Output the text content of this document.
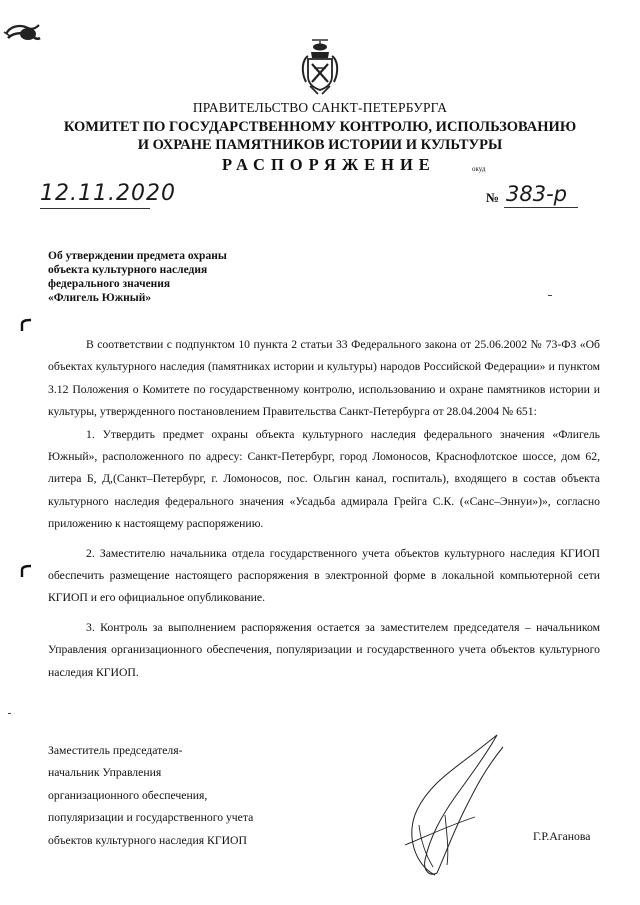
ПРАВИТЕЛЬСТВО САНКТ-ПЕТЕРБУРГА
КОМИТЕТ ПО ГОСУДАРСТВЕННОМУ КОНТРОЛЮ, ИСПОЛЬЗОВАНИЮ
И ОХРАНЕ ПАМЯТНИКОВ ИСТОРИИ И КУЛЬТУРЫ
РАСПОРЯЖЕНИЕ	окуд
12.11.2020	№ 383-р
Об утверждении предмета охраны
объекта культурного наследия
федерального значения
«Флигель Южный»

В соответствии с подпунктом 10 пункта 2 статьи 33 Федерального закона от 25.06.2002 № 73-ФЗ «Об объектах культурного наследия (памятниках истории и культуры) народов Российской Федерации» и пунктом 3.12 Положения о Комитете по государственному контролю, использованию и охране памятников истории и культуры, утвержденного постановлением Правительства Санкт-Петербурга от 28.04.2004 № 651:

1. Утвердить предмет охраны объекта культурного наследия федерального значения «Флигель Южный», расположенного по адресу: Санкт-Петербург, город Ломоносов, Краснофлотское шоссе, дом 62, литера Б, Д,(Санкт–Петербург, г. Ломоносов, пос. Ольгин канал, госпиталь), входящего в состав объекта культурного наследия федерального значения «Усадьба адмирала Грейга С.К. («Санс–Эннуи»)», согласно приложению к настоящему распоряжению.

2. Заместителю начальника отдела государственного учета объектов культурного наследия КГИОП обеспечить размещение настоящего распоряжения в электронной форме в локальной компьютерной сети КГИОП и его официальное опубликование.

3. Контроль за выполнением распоряжения остается за заместителем председателя – начальником Управления организационного обеспечения, популяризации и государственного учета объектов культурного наследия КГИОП.

Заместитель председателя-
начальник Управления
организационного обеспечения,
популяризации и государственного учета
объектов культурного наследия КГИОП	Г.Р.Аганова
